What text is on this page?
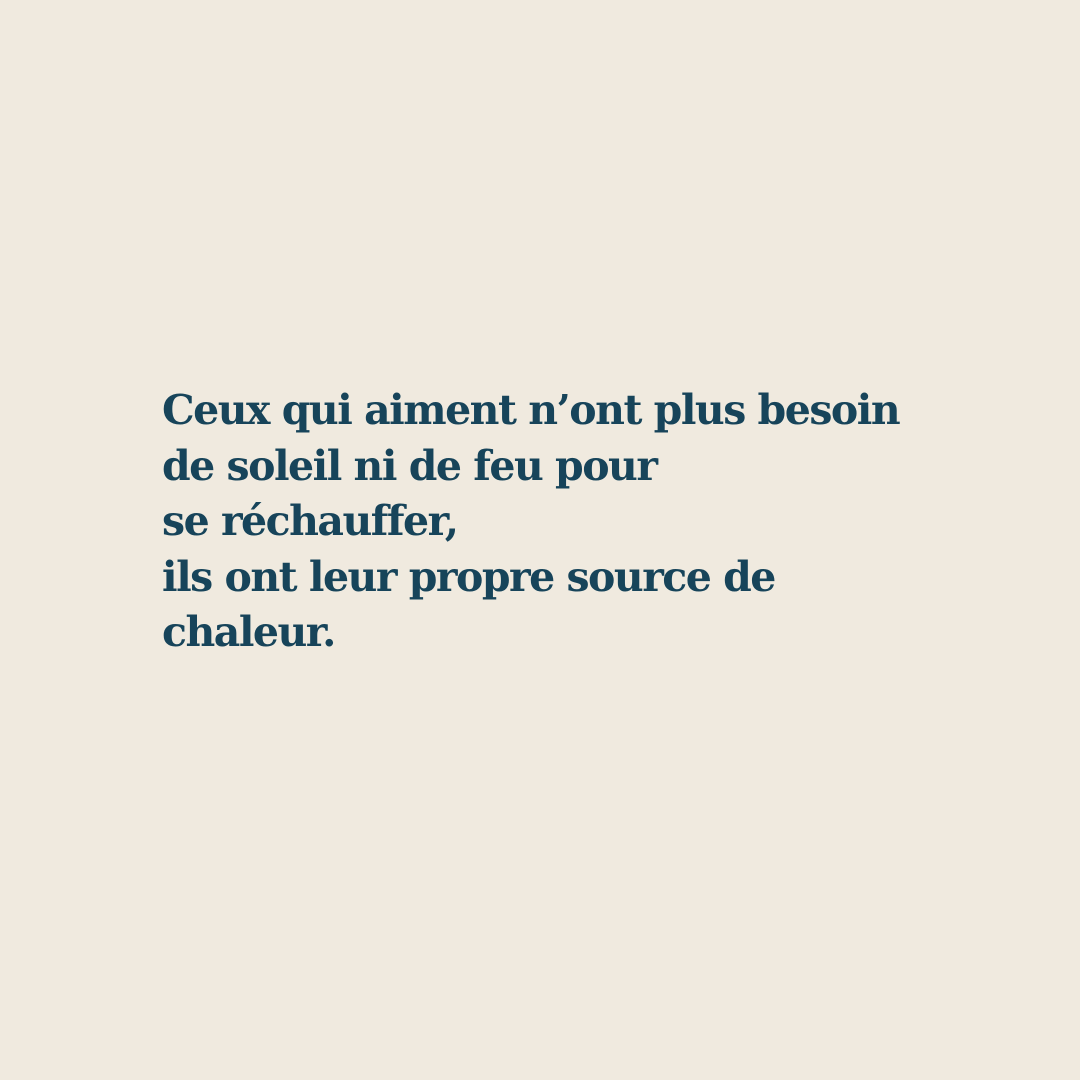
Ceux qui aiment n’ont plus besoin
de soleil ni de feu pour
se réchauffer,
ils ont leur propre source de
chaleur.
